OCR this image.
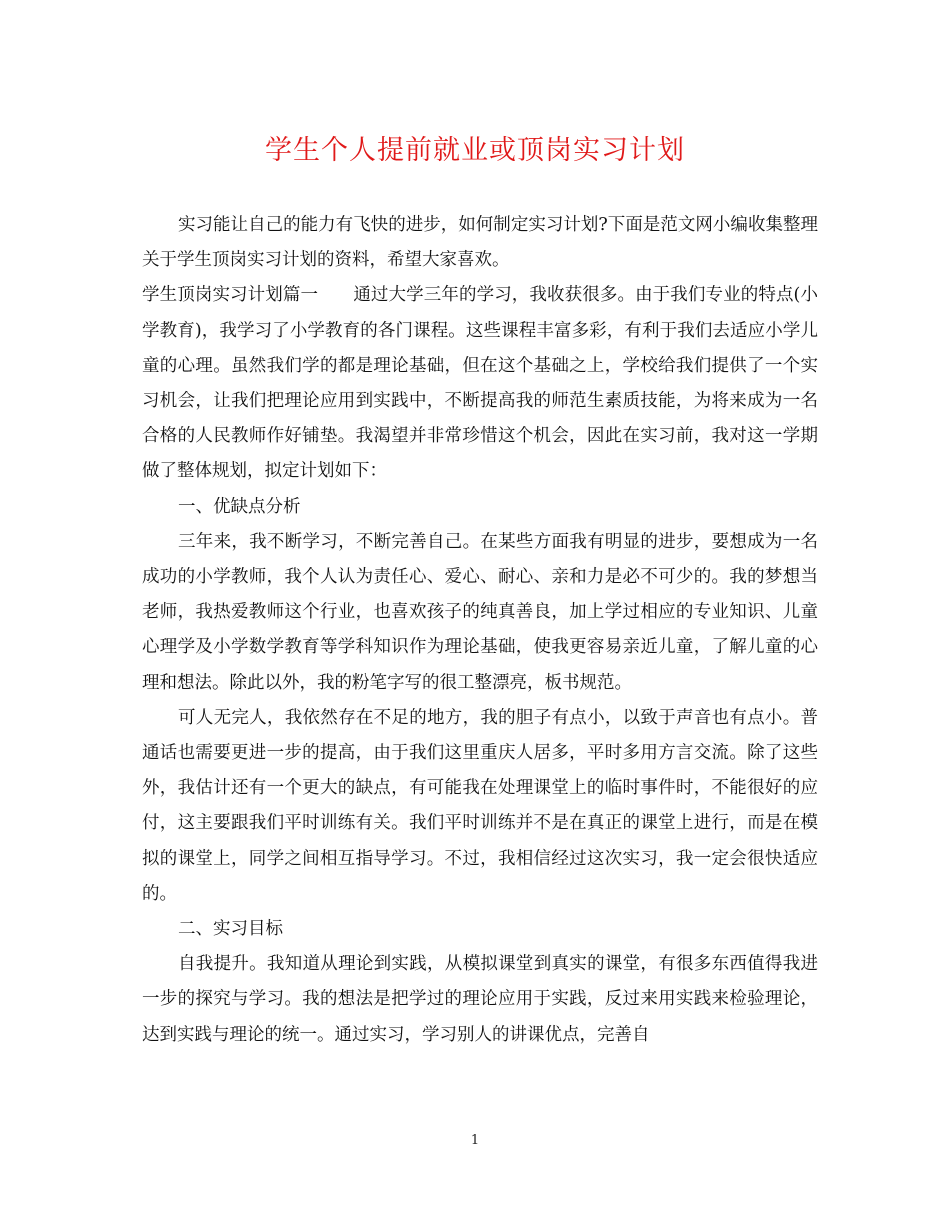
学生个人提前就业或顶岗实习计划

实习能让自己的能力有飞快的进步，如何制定实习计划?下面是范文网小编收集整理关于学生顶岗实习计划的资料，希望大家喜欢。

学生顶岗实习计划篇一　　通过大学三年的学习，我收获很多。由于我们专业的特点(小学教育)，我学习了小学教育的各门课程。这些课程丰富多彩，有利于我们去适应小学儿童的心理。虽然我们学的都是理论基础，但在这个基础之上，学校给我们提供了一个实习机会，让我们把理论应用到实践中，不断提高我的师范生素质技能，为将来成为一名合格的人民教师作好铺垫。我渴望并非常珍惜这个机会，因此在实习前，我对这一学期做了整体规划，拟定计划如下：

一、优缺点分析

三年来，我不断学习，不断完善自己。在某些方面我有明显的进步，要想成为一名成功的小学教师，我个人认为责任心、爱心、耐心、亲和力是必不可少的。我的梦想当老师，我热爱教师这个行业，也喜欢孩子的纯真善良，加上学过相应的专业知识、儿童心理学及小学数学教育等学科知识作为理论基础，使我更容易亲近儿童，了解儿童的心理和想法。除此以外，我的粉笔字写的很工整漂亮，板书规范。

可人无完人，我依然存在不足的地方，我的胆子有点小，以致于声音也有点小。普通话也需要更进一步的提高，由于我们这里重庆人居多，平时多用方言交流。除了这些外，我估计还有一个更大的缺点，有可能我在处理课堂上的临时事件时，不能很好的应付，这主要跟我们平时训练有关。我们平时训练并不是在真正的课堂上进行，而是在模拟的课堂上，同学之间相互指导学习。不过，我相信经过这次实习，我一定会很快适应的。

二、实习目标

自我提升。我知道从理论到实践，从模拟课堂到真实的课堂，有很多东西值得我进一步的探究与学习。我的想法是把学过的理论应用于实践，反过来用实践来检验理论，达到实践与理论的统一。通过实习，学习别人的讲课优点，完善自

1
